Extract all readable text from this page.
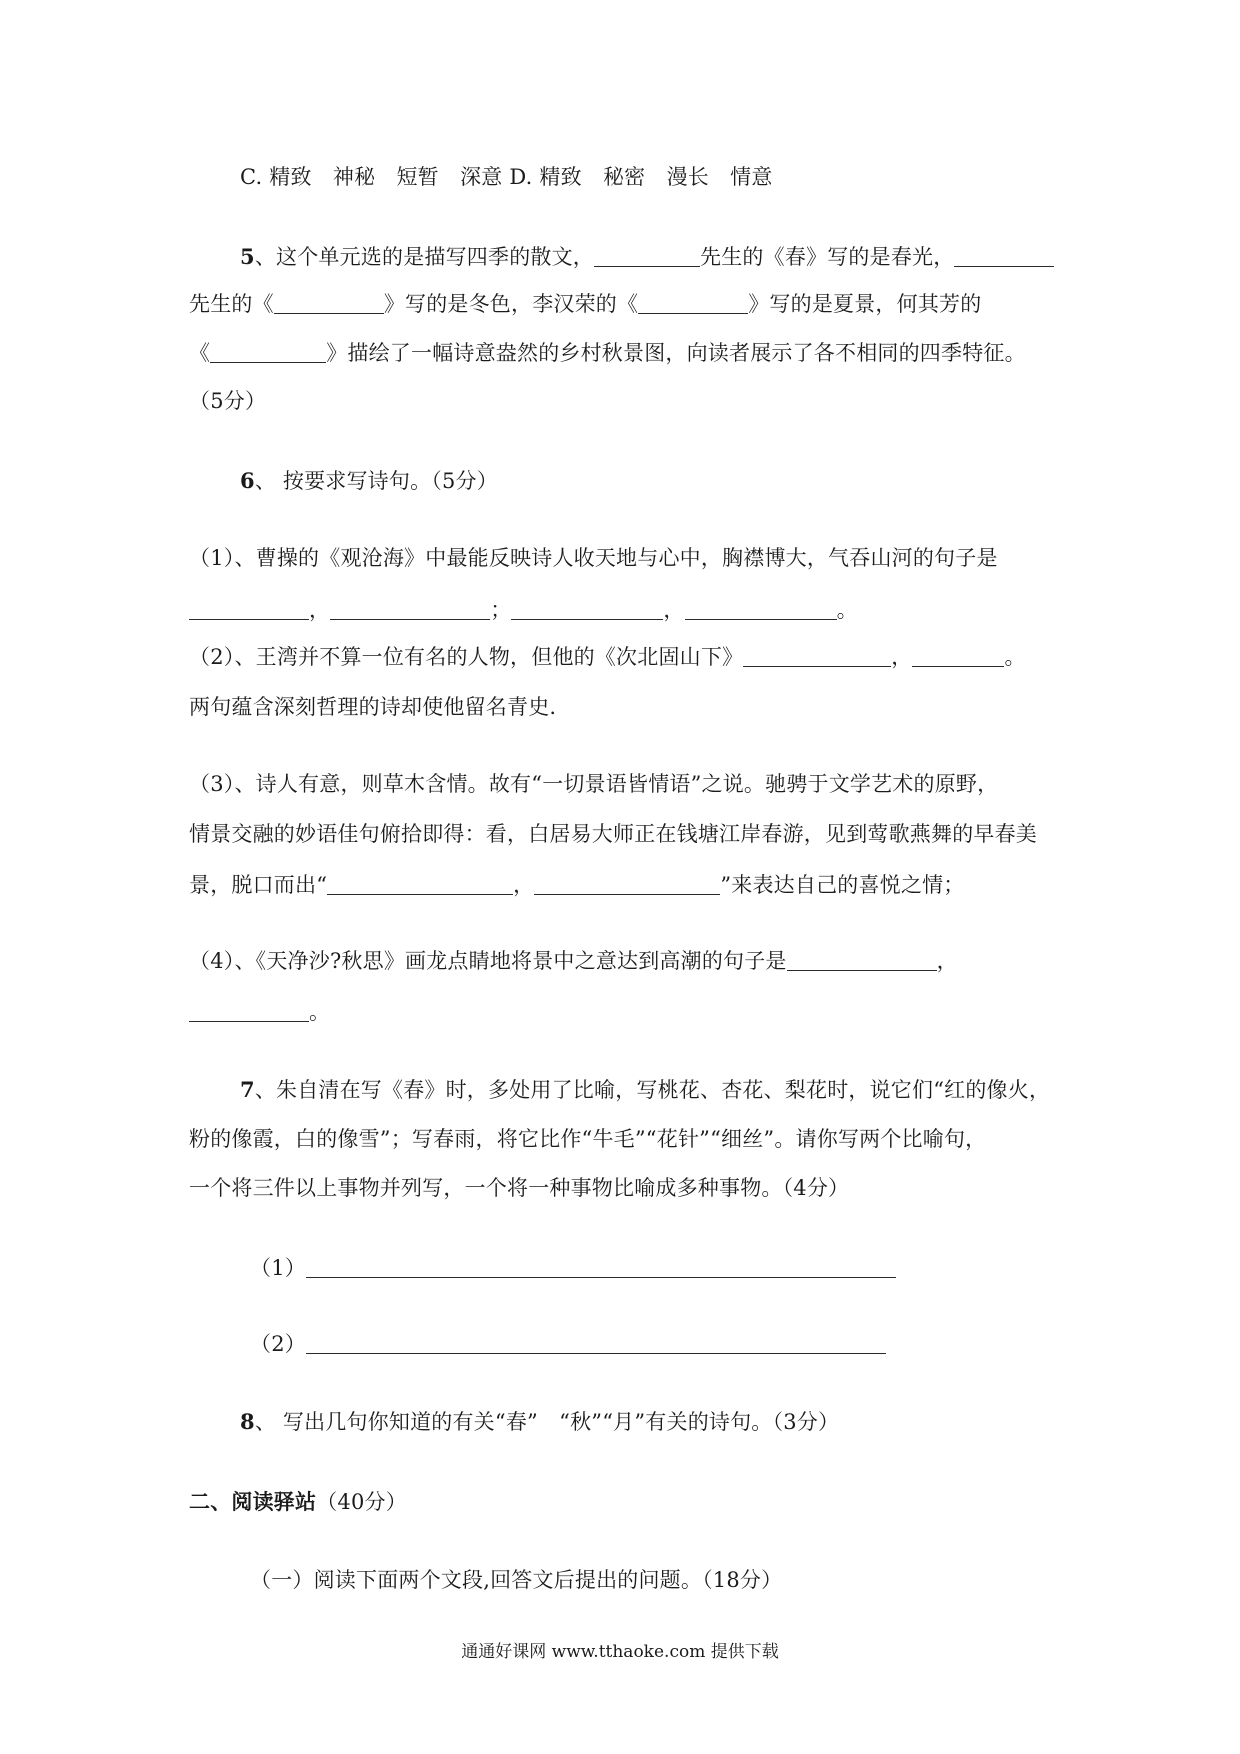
C. 精致　神秘　短暂　深意 D. 精致　秘密　漫长　情意
5、这个单元选的是描写四季的散文，	先生的《春》写的是春光，
先生的《	》写的是冬色，李汉荣的《	》写的是夏景，何其芳的
《	》描绘了一幅诗意盎然的乡村秋景图，向读者展示了各不相同的四季特征。
（5分）
6、 按要求写诗句。（5分）
（1）、曹操的《观沧海》中最能反映诗人收天地与心中，胸襟博大，气吞山河的句子是
，	；	，	。
（2）、王湾并不算一位有名的人物，但他的《次北固山下》	，	。
两句蕴含深刻哲理的诗却使他留名青史.
（3）、诗人有意，则草木含情。故有“一切景语皆情语”之说。驰骋于文学艺术的原野，
情景交融的妙语佳句俯拾即得：看，白居易大师正在钱塘江岸春游，见到莺歌燕舞的早春美
景，脱口而出“	，	”来表达自己的喜悦之情；
（4）、《天净沙?秋思》画龙点睛地将景中之意达到高潮的句子是	，
。
7、朱自清在写《春》时，多处用了比喻，写桃花、杏花、梨花时，说它们“红的像火，
粉的像霞，白的像雪”；写春雨，将它比作“牛毛”“花针”“细丝”。请你写两个比喻句，
一个将三件以上事物并列写，一个将一种事物比喻成多种事物。（4分）
（1）
（2）
8、 写出几句你知道的有关“春”　“秋”“月”有关的诗句。（3分）
二、阅读驿站（40分）
（一）阅读下面两个文段,回答文后提出的问题。（18分）
通通好课网 www.tthaoke.com 提供下载
